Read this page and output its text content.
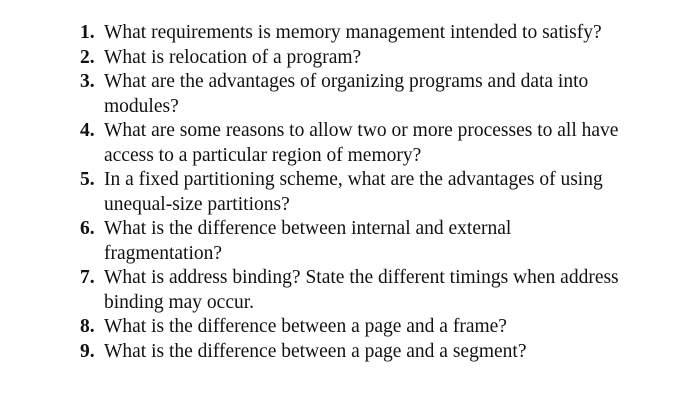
1. What requirements is memory management intended to satisfy?
2. What is relocation of a program?
3. What are the advantages of organizing programs and data into modules?
4. What are some reasons to allow two or more processes to all have access to a particular region of memory?
5. In a fixed partitioning scheme, what are the advantages of using unequal-size partitions?
6. What is the difference between internal and external fragmentation?
7. What is address binding? State the different timings when address binding may occur.
8. What is the difference between a page and a frame?
9. What is the difference between a page and a segment?
